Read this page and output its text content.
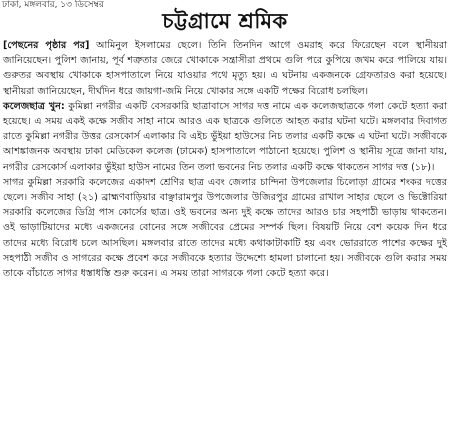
ঢাকা, মঙ্গলবার, ১৩ ডিসেম্বর
চট্টগ্রামে শ্রমিক

[পেছনের পৃষ্ঠার পর] আমিনুল ইসলামের ছেলে। তিনি তিনদিন আগে ওমরাহ করে ফিরেছেন বলে স্থানীয়রা জানিয়েছেন। পুলিশ জানায়, পূর্ব শত্রুতার জেরে খোকাকে সন্ত্রাসীরা প্রথমে গুলি পরে কুপিয়ে জখম করে পালিয়ে যায়। গুরুতর অবস্থায় খোকাকে হাসপাতালে নিয়ে যাওয়ার পথে মৃত্যু হয়। এ ঘটনায় একজনকে গ্রেফতারও করা হয়েছে। স্থানীয়রা জানিয়েছেন, দীর্ঘদিন ধরে জায়গা-জমি নিয়ে খোকার সঙ্গে একটি পক্ষের বিরোধ চলছিল।

কলেজছাত্র খুন: কুমিল্লা নগরীর একটি বেসরকারি ছাত্রাবাসে সাগর দত্ত নামে এক কলেজছাত্রকে গলা কেটে হত্যা করা হয়েছে। এ সময় একই কক্ষে সজীব সাহা নামে আরও এক ছাত্রকে গুলিতে আহত করার ঘটনা ঘটে। মঙ্গলবার দিবাগত রাতে কুমিল্লা নগরীর উত্তর রেসকোর্স এলাকার বি এইচ ভুঁইয়া হাউসের নিচ তলার একটি কক্ষে এ ঘটনা ঘটে। সজীবকে আশঙ্কাজনক অবস্থায় ঢাকা মেডিকেল কলেজ (ঢামেক) হাসপাতালে পাঠানো হয়েছে। পুলিশ ও স্থানীয় সূত্রে জানা যায়, নগরীর রেসকোর্স এলাকার ভুঁইয়া হাউস নামের তিন তলা ভবনের নিচ তলার একটি কক্ষে থাকতেন সাগর দত্ত (১৮)।

সাগর কুমিল্লা সরকারি কলেজের একাদশ শ্রেণির ছাত্র এবং জেলার চান্দিনা উপজেলার চিলোড়া গ্রামের শংকর দত্তের ছেলে। সজীব সাহা (২১) ব্রাহ্মণবাড়িয়ার বাঞ্ছারামপুর উপজেলার উজিরপুর গ্রামের রাখাল সাহার ছেলে ও ভিক্টোরিয়া সরকারি কলেজের ডিগ্রি পাস কোর্সের ছাত্র। ওই ভবনের অন্য দুই কক্ষে তাদের আরও চার সহপাঠী ভাড়ায় থাকতেন। ওই ভাড়াটিয়াদের মধ্যে একজনের বোনের সঙ্গে সজীবের প্রেমের সম্পর্ক ছিল। বিষয়টি নিয়ে বেশ কয়েক দিন ধরে তাদের মধ্যে বিরোধ চলে আসছিল। মঙ্গলবার রাতে তাদের মধ্যে কথাকাটাকাটি হয় এবং ভোররাতে পাশের কক্ষের দুই সহপাঠী সজীব ও সাগরের কক্ষে প্রবেশ করে সজীবকে হত্যার উদ্দেশ্যে হামলা চালানো হয়। সজীবকে গুলি করার সময় তাকে বাঁচাতে সাগর ধস্তাধস্তি শুরু করেন। এ সময় তারা সাগরকে গলা কেটে হত্যা করে।
